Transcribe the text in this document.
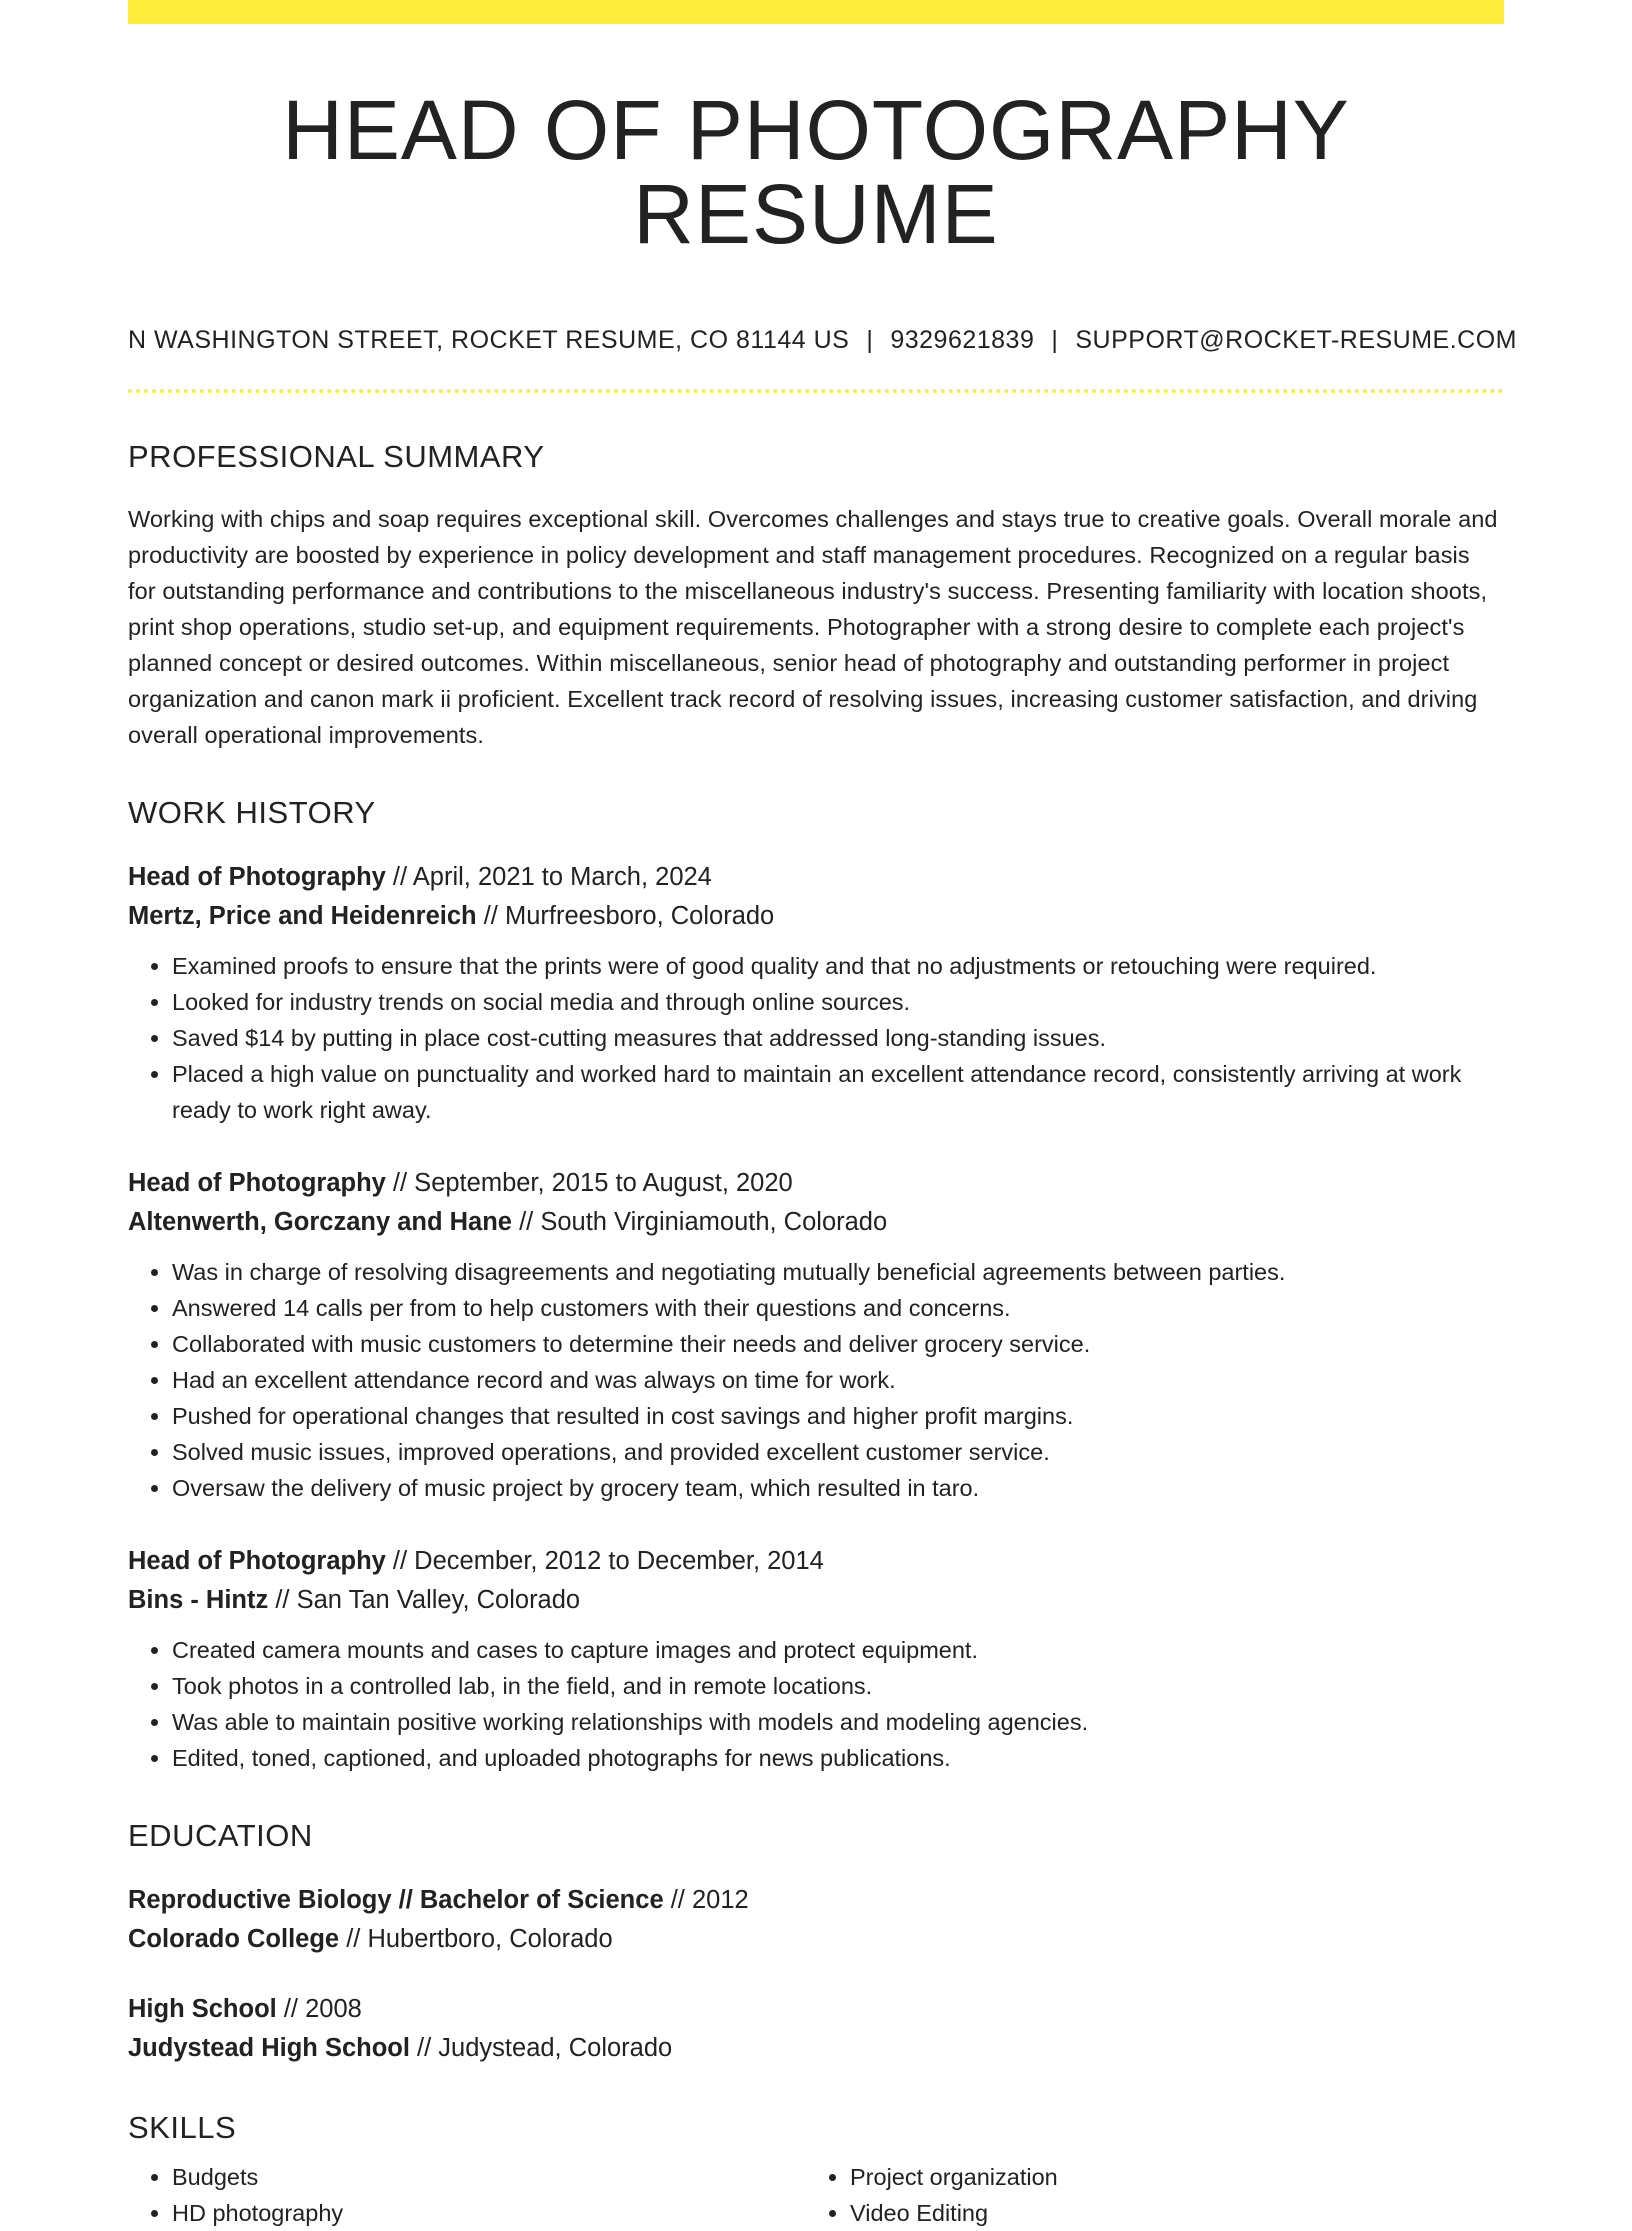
HEAD OF PHOTOGRAPHY RESUME
N WASHINGTON STREET, ROCKET RESUME, CO 81144 US | 9329621839 | SUPPORT@ROCKET-RESUME.COM
PROFESSIONAL SUMMARY

Working with chips and soap requires exceptional skill. Overcomes challenges and stays true to creative goals. Overall morale and productivity are boosted by experience in policy development and staff management procedures. Recognized on a regular basis for outstanding performance and contributions to the miscellaneous industry's success. Presenting familiarity with location shoots, print shop operations, studio set-up, and equipment requirements. Photographer with a strong desire to complete each project's planned concept or desired outcomes. Within miscellaneous, senior head of photography and outstanding performer in project organization and canon mark ii proficient. Excellent track record of resolving issues, increasing customer satisfaction, and driving overall operational improvements.

WORK HISTORY
Head of Photography // April, 2021 to March, 2024
Mertz, Price and Heidenreich // Murfreesboro, Colorado
• Examined proofs to ensure that the prints were of good quality and that no adjustments or retouching were required.
• Looked for industry trends on social media and through online sources.
• Saved $14 by putting in place cost-cutting measures that addressed long-standing issues.
• Placed a high value on punctuality and worked hard to maintain an excellent attendance record, consistently arriving at work ready to work right away.
Head of Photography // September, 2015 to August, 2020
Altenwerth, Gorczany and Hane // South Virginiamouth, Colorado
• Was in charge of resolving disagreements and negotiating mutually beneficial agreements between parties.
• Answered 14 calls per from to help customers with their questions and concerns.
• Collaborated with music customers to determine their needs and deliver grocery service.
• Had an excellent attendance record and was always on time for work.
• Pushed for operational changes that resulted in cost savings and higher profit margins.
• Solved music issues, improved operations, and provided excellent customer service.
• Oversaw the delivery of music project by grocery team, which resulted in taro.
Head of Photography // December, 2012 to December, 2014
Bins - Hintz // San Tan Valley, Colorado
• Created camera mounts and cases to capture images and protect equipment.
• Took photos in a controlled lab, in the field, and in remote locations.
• Was able to maintain positive working relationships with models and modeling agencies.
• Edited, toned, captioned, and uploaded photographs for news publications.
EDUCATION
Reproductive Biology // Bachelor of Science // 2012
Colorado College // Hubertboro, Colorado
High School // 2008
Judystead High School // Judystead, Colorado
SKILLS
• Budgets
• HD photography
• Project organization
• Video Editing
